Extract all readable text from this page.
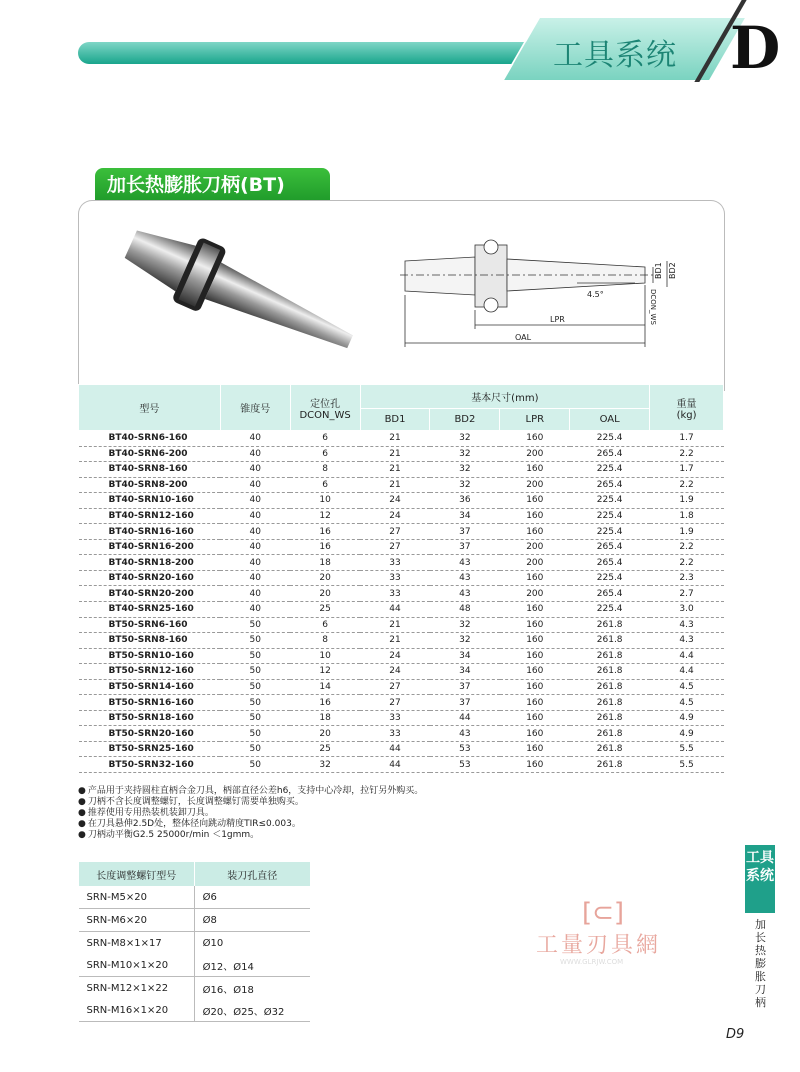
工具系统 D
加长热膨胀刀柄(BT)
BD1 BD2
4.5°
LPR
OAL
DCON_WS
型号	锥度号	定位孔
DCON_WS	基本尺寸(mm)				重量
(kg)
			BD1	BD2	LPR	OAL	
BT40-SRN6-160	40	6	21	32	160	225.4	1.7
BT40-SRN6-200	40	6	21	32	200	265.4	2.2
BT40-SRN8-160	40	8	21	32	160	225.4	1.7
BT40-SRN8-200	40	6	21	32	200	265.4	2.2
BT40-SRN10-160	40	10	24	36	160	225.4	1.9
BT40-SRN12-160	40	12	24	34	160	225.4	1.8
BT40-SRN16-160	40	16	27	37	160	225.4	1.9
BT40-SRN16-200	40	16	27	37	200	265.4	2.2
BT40-SRN18-200	40	18	33	43	200	265.4	2.2
BT40-SRN20-160	40	20	33	43	160	225.4	2.3
BT40-SRN20-200	40	20	33	43	200	265.4	2.7
BT40-SRN25-160	40	25	44	48	160	225.4	3.0
BT50-SRN6-160	50	6	21	32	160	261.8	4.3
BT50-SRN8-160	50	8	21	32	160	261.8	4.3
BT50-SRN10-160	50	10	24	34	160	261.8	4.4
BT50-SRN12-160	50	12	24	34	160	261.8	4.4
BT50-SRN14-160	50	14	27	37	160	261.8	4.5
BT50-SRN16-160	50	16	27	37	160	261.8	4.5
BT50-SRN18-160	50	18	33	44	160	261.8	4.9
BT50-SRN20-160	50	20	33	43	160	261.8	4.9
BT50-SRN25-160	50	25	44	53	160	261.8	5.5
BT50-SRN32-160	50	32	44	53	160	261.8	5.5
● 产品用于夹持圆柱直柄合金刀具，柄部直径公差h6，支持中心冷却，拉钉另外购买。
● 刀柄不含长度调整螺钉，长度调整螺钉需要单独购买。
● 推荐使用专用热装机装卸刀具。
● 在刀具悬伸2.5D处，整体径向跳动精度TIR≤0.003。
● 刀柄动平衡G2.5 25000r/min ＜1gmm。
长度调整螺钉型号	装刀孔直径
SRN-M5×20	Ø6
SRN-M6×20	Ø8
SRN-M8×1×17	Ø10
SRN-M10×1×20	Ø12、Ø14
SRN-M12×1×22	Ø16、Ø18
SRN-M16×1×20	Ø20、Ø25、Ø32
工具系统
加长热膨胀刀柄
[⊂]
工量刃具網
WWW.GLRJW.COM
D9
